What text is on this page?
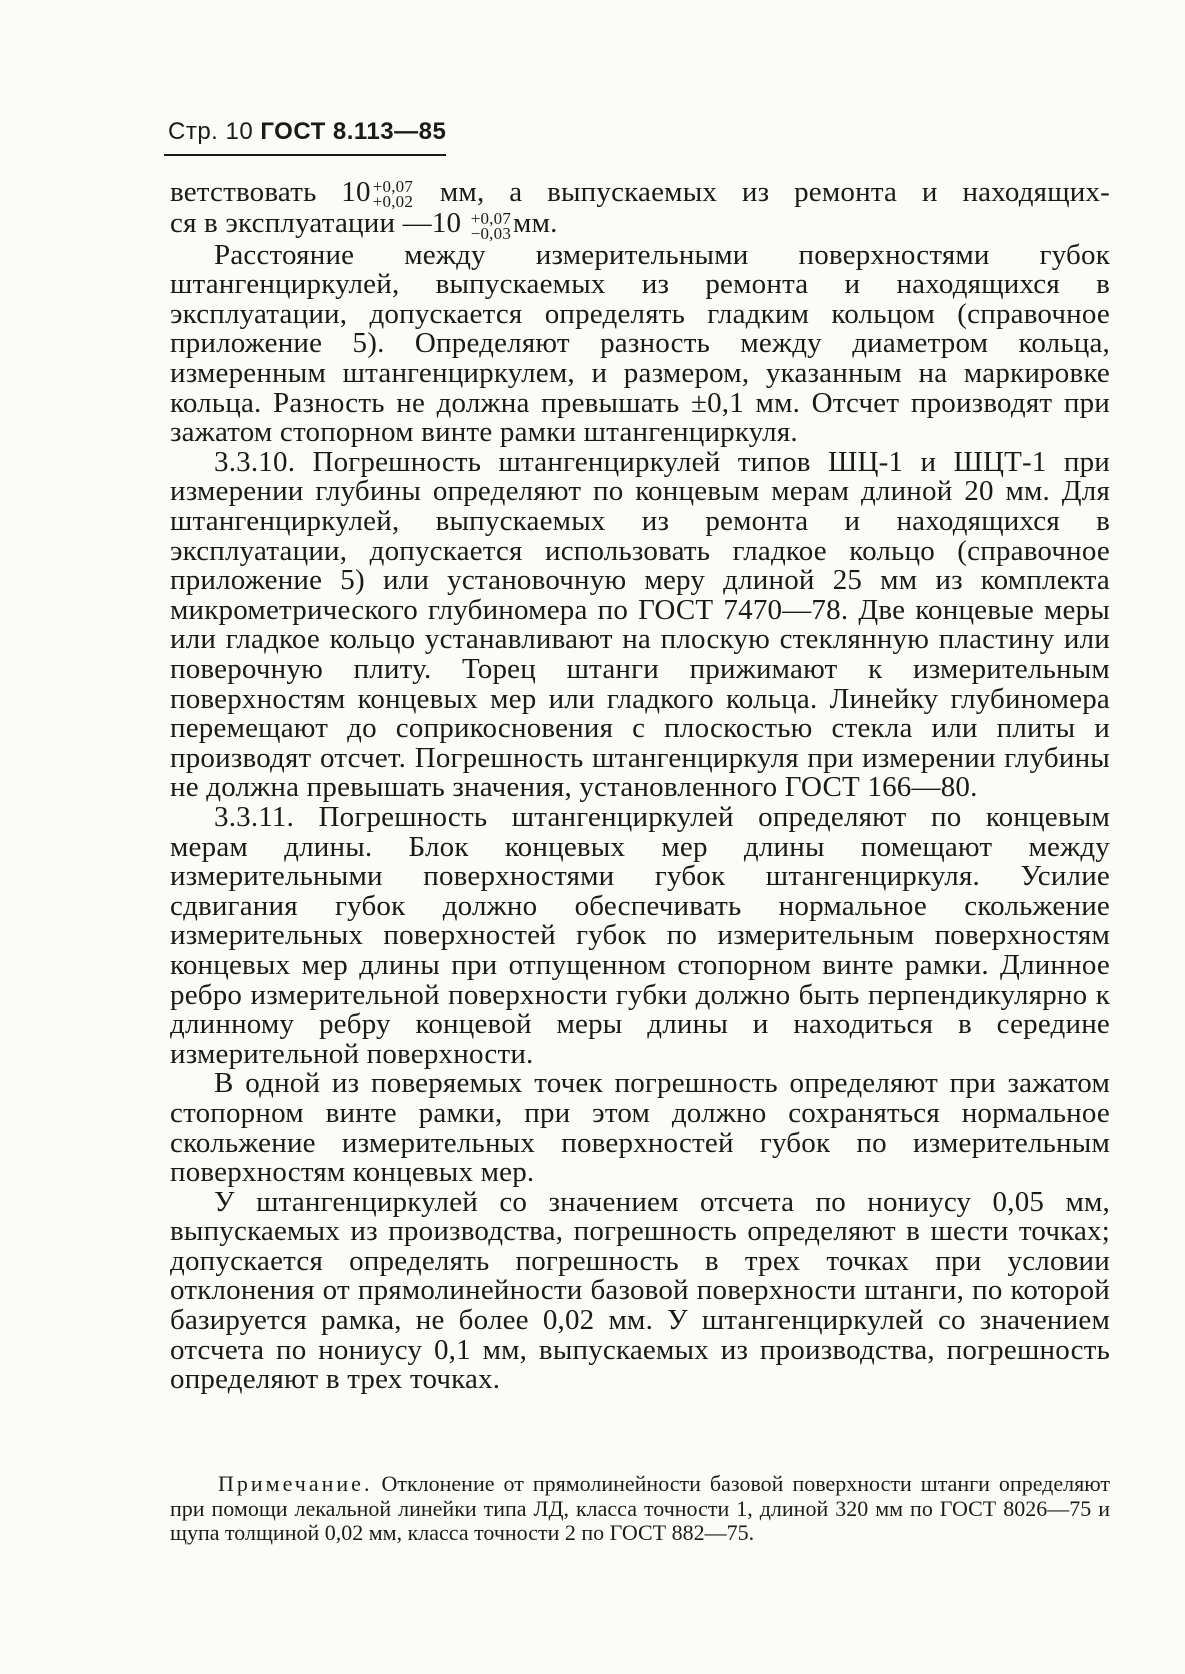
Стр. 10 ГОСТ 8.113—85

ветствовать 10 +0,07
+0,02 мм, а выпускаемых из ремонта и находящих-
ся в эксплуатации —10 +0,07
−0,03 мм.

Расстояние между измерительными поверхностями губок штангенциркулей, выпускаемых из ремонта и находящихся в эксплуатации, допускается определять гладким кольцом (справочное приложение 5). Определяют разность между диаметром кольца, измеренным штангенциркулем, и размером, указанным на маркировке кольца. Разность не должна превышать ±0,1 мм. Отсчет производят при зажатом стопорном винте рамки штангенциркуля.

3.3.10. Погрешность штангенциркулей типов ШЦ-1 и ШЦТ-1 при измерении глубины определяют по концевым мерам длиной 20 мм. Для штангенциркулей, выпускаемых из ремонта и находящихся в эксплуатации, допускается использовать гладкое кольцо (справочное приложение 5) или установочную меру длиной 25 мм из комплекта микрометрического глубиномера по ГОСТ 7470—78. Две концевые меры или гладкое кольцо устанавливают на плоскую стеклянную пластину или поверочную плиту. Торец штанги прижимают к измерительным поверхностям концевых мер или гладкого кольца. Линейку глубиномера перемещают до соприкосновения с плоскостью стекла или плиты и производят отсчет. Погрешность штангенциркуля при измерении глубины не должна превышать значения, установленного ГОСТ 166—80.

3.3.11. Погрешность штангенциркулей определяют по концевым мерам длины. Блок концевых мер длины помещают между измерительными поверхностями губок штангенциркуля. Усилие сдвигания губок должно обеспечивать нормальное скольжение измерительных поверхностей губок по измерительным поверхностям концевых мер длины при отпущенном стопорном винте рамки. Длинное ребро измерительной поверхности губки должно быть перпендикулярно к длинному ребру концевой меры длины и находиться в середине измерительной поверхности.

В одной из поверяемых точек погрешность определяют при зажатом стопорном винте рамки, при этом должно сохраняться нормальное скольжение измерительных поверхностей губок по измерительным поверхностям концевых мер.

У штангенциркулей со значением отсчета по нониусу 0,05 мм, выпускаемых из производства, погрешность определяют в шести точках; допускается определять погрешность в трех точках при условии отклонения от прямолинейности базовой поверхности штанги, по которой базируется рамка, не более 0,02 мм. У штангенциркулей со значением отсчета по нониусу 0,1 мм, выпускаемых из производства, погрешность определяют в трех точках.

Примечание. Отклонение от прямолинейности базовой поверхности штанги определяют при помощи лекальной линейки типа ЛД, класса точности 1, длиной 320 мм по ГОСТ 8026—75 и щупа толщиной 0,02 мм, класса точности 2 по ГОСТ 882—75.
